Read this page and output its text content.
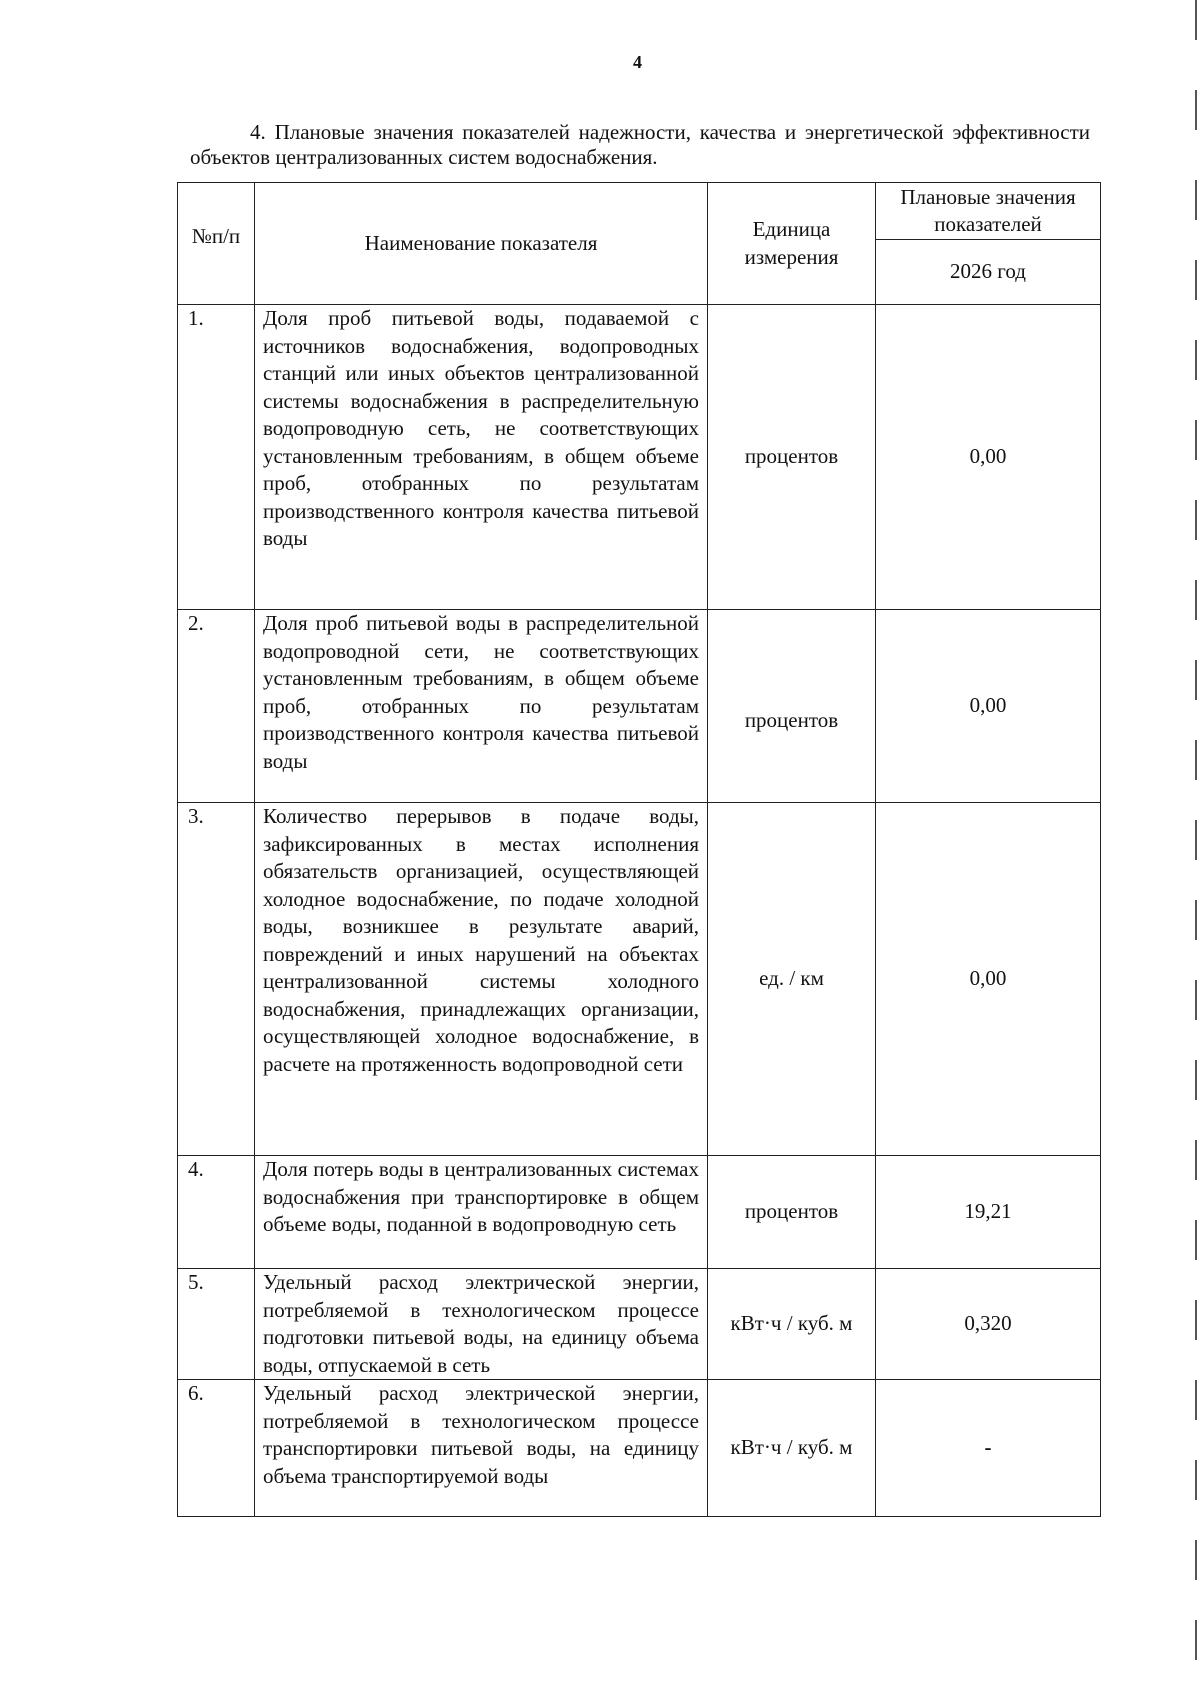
4
4. Плановые значения показателей надежности, качества и энергетической эффективности объектов централизованных систем водоснабжения.
№п/п	Наименование показателя	Единица измерения	Плановые значения показателей
			2026 год
1.	Доля проб питьевой воды, подаваемой с источников водоснабжения, водопроводных станций или иных объектов централизованной системы водоснабжения в распределительную водопроводную сеть, не соответствующих установленным требованиям, в общем объеме проб, отобранных по результатам производственного контроля качества питьевой воды	процентов	0,00
2.	Доля проб питьевой воды в распределительной водопроводной сети, не соответствующих установленным требованиям, в общем объеме проб, отобранных по результатам производственного контроля качества питьевой воды	процентов	0,00
3.	Количество перерывов в подаче воды, зафиксированных в местах исполнения обязательств организацией, осуществляющей холодное водоснабжение, по подаче холодной воды, возникшее в результате аварий, повреждений и иных нарушений на объектах централизованной системы холодного водоснабжения, принадлежащих организации, осуществляющей холодное водоснабжение, в расчете на протяженность водопроводной сети	ед. / км	0,00
4.	Доля потерь воды в централизованных системах водоснабжения при транспортировке в общем объеме воды, поданной в водопроводную сеть	процентов	19,21
5.	Удельный расход электрической энергии, потребляемой в технологическом процессе подготовки питьевой воды, на единицу объема воды, отпускаемой в сеть	кВт·ч / куб. м	0,320
6.	Удельный расход электрической энергии, потребляемой в технологическом процессе транспортировки питьевой воды, на единицу объема транспортируемой воды	кВт·ч / куб. м	-
